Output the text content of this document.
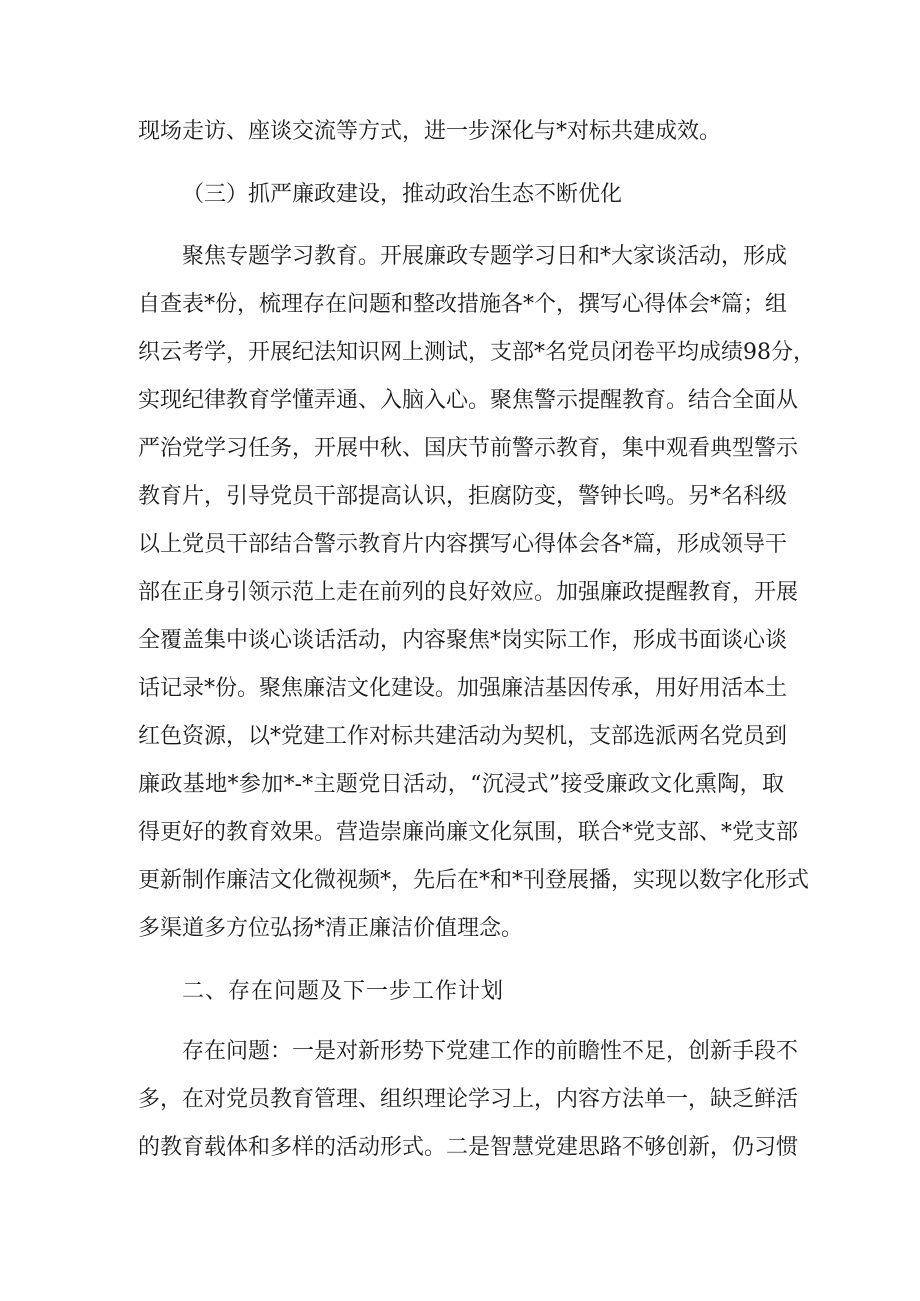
现场走访、座谈交流等方式，进一步深化与*对标共建成效。
（三）抓严廉政建设，推动政治生态不断优化
聚焦专题学习教育。开展廉政专题学习日和*大家谈活动，形成
自查表*份，梳理存在问题和整改措施各*个，撰写心得体会*篇；组
织云考学，开展纪法知识网上测试，支部*名党员闭卷平均成绩98分，
实现纪律教育学懂弄通、入脑入心。聚焦警示提醒教育。结合全面从
严治党学习任务，开展中秋、国庆节前警示教育，集中观看典型警示
教育片，引导党员干部提高认识，拒腐防变，警钟长鸣。另*名科级
以上党员干部结合警示教育片内容撰写心得体会各*篇，形成领导干
部在正身引领示范上走在前列的良好效应。加强廉政提醒教育，开展
全覆盖集中谈心谈话活动，内容聚焦*岗实际工作，形成书面谈心谈
话记录*份。聚焦廉洁文化建设。加强廉洁基因传承，用好用活本土
红色资源，以*党建工作对标共建活动为契机，支部选派两名党员到
廉政基地*参加*-*主题党日活动，“沉浸式”接受廉政文化熏陶，取
得更好的教育效果。营造崇廉尚廉文化氛围，联合*党支部、*党支部
更新制作廉洁文化微视频*，先后在*和*刊登展播，实现以数字化形式
多渠道多方位弘扬*清正廉洁价值理念。
二、存在问题及下一步工作计划
存在问题：一是对新形势下党建工作的前瞻性不足，创新手段不
多，在对党员教育管理、组织理论学习上，内容方法单一，缺乏鲜活
的教育载体和多样的活动形式。二是智慧党建思路不够创新，仍习惯
